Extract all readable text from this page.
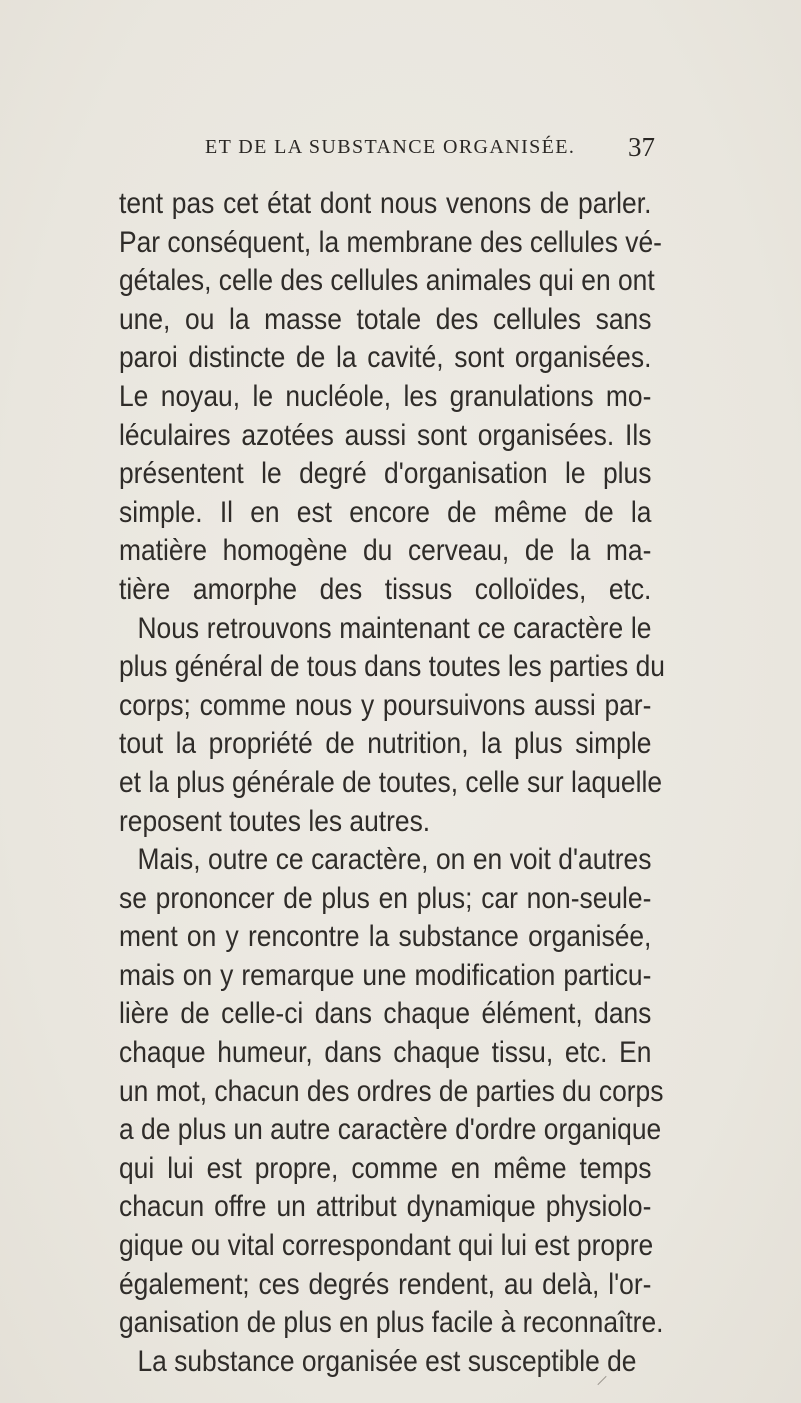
ET DE LA SUBSTANCE ORGANISÉE. 37
tent pas cet état dont nous venons de parler.
Par conséquent, la membrane des cellules vé-
gétales, celle des cellules animales qui en ont
une, ou la masse totale des cellules sans
paroi distincte de la cavité, sont organisées.
Le noyau, le nucléole, les granulations mo-
léculaires azotées aussi sont organisées. Ils
présentent le degré d'organisation le plus
simple. Il en est encore de même de la
matière homogène du cerveau, de la ma-
tière amorphe des tissus colloïdes, etc.
Nous retrouvons maintenant ce caractère le
plus général de tous dans toutes les parties du
corps; comme nous y poursuivons aussi par-
tout la propriété de nutrition, la plus simple
et la plus générale de toutes, celle sur laquelle
reposent toutes les autres.
Mais, outre ce caractère, on en voit d'autres
se prononcer de plus en plus; car non-seule-
ment on y rencontre la substance organisée,
mais on y remarque une modification particu-
lière de celle-ci dans chaque élément, dans
chaque humeur, dans chaque tissu, etc. En
un mot, chacun des ordres de parties du corps
a de plus un autre caractère d'ordre organique
qui lui est propre, comme en même temps
chacun offre un attribut dynamique physiolo-
gique ou vital correspondant qui lui est propre
également; ces degrés rendent, au delà, l'or-
ganisation de plus en plus facile à reconnaître.
La substance organisée est susceptible de
